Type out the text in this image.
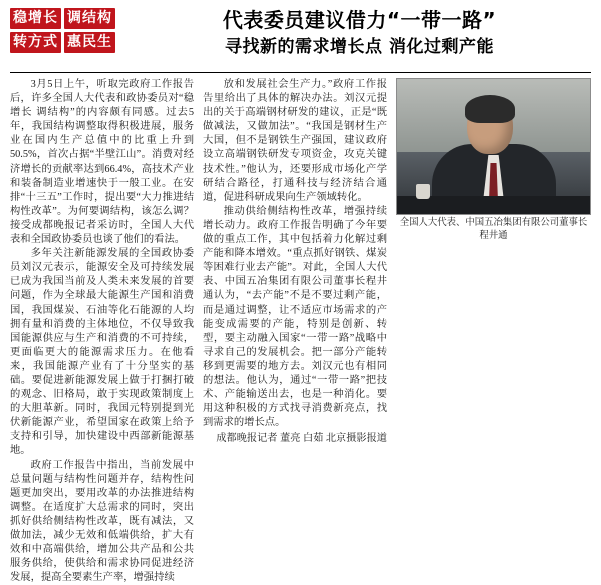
稳增长 调结构
转方式 惠民生
代表委员建议借力“一带一路”
寻找新的需求增长点 消化过剩产能

3月5日上午，听取完政府工作报告后，许多全国人大代表和政协委员对“稳增长 调结构”的内容颇有同感。过去5年，我国结构调整取得积极进展，服务业在国内生产总值中的比重上升到50.5%，首次占据“半壁江山”。消费对经济增长的贡献率达到66.4%，高技术产业和装备制造业增速快于一般工业。在安排“十三五”工作时，提出要“大力推进结构性改革”。为何要调结构，该怎么调？接受成都晚报记者采访时，全国人大代表和全国政协委员也谈了他们的看法。

多年关注新能源发展的全国政协委员刘汉元表示，能源安全及可持续发展已成为我国当前及人类未来发展的首要问题，作为全球最大能源生产国和消费国，我国煤炭、石油等化石能源的人均拥有量和消费的主体地位，不仅导致我国能源供应与生产和消费的不可持续，更面临更大的能源需求压力。在他看来，我国能源产业有了十分坚实的基础。要促进新能源发展上做于打捆打破的观念、旧格局，敢于实现政策制度上的大胆革新。同时，我国元特别提到光伏新能源产业，希望国家在政策上给予支持和引导，加快建设中西部新能源基地。

政府工作报告中指出，当前发展中总量问题与结构性问题并存，结构性问题更加突出，要用改革的办法推进结构调整。在适度扩大总需求的同时，突出抓好供给侧结构性改革，既有减法，又做加法，减少无效和低端供给，扩大有效和中高端供给，增加公共产品和公共服务供给，使供给和需求协同促进经济发展，提高全要素生产率，增强持续

放和发展社会生产力。”政府工作报告里给出了具体的解决办法。刘汉元提出的关于高端钢材研发的建议，正是“既做减法，又做加法”。“我国是钢材生产大国，但不是钢铁生产强国，建议政府设立高端钢铁研发专项资金，攻克关键技术性。”他认为，还要形成市场化产学研结合路径，打通科技与经济结合通道，促进科研成果向生产领域转化。

推动供给侧结构性改革，增强持续增长动力。政府工作报告明确了今年要做的重点工作，其中包括着力化解过剩产能和降本增效。“重点抓好钢铁、煤炭等困难行业去产能”。对此，全国人大代表、中国五冶集团有限公司董事长程井通认为，“去产能”不是不要过剩产能，而是通过调整，让不适应市场需求的产能变成需要的产能，特别是创新、转型，要主动融入国家“一带一路”战略中寻求自己的发展机会。把一部分产能转移到更需要的地方去。刘汉元也有相同的想法。他认为，通过“一带一路”把技术、产能输送出去，也是一种消化。要用这种积极的方式找寻消费新亮点，找到需求的增长点。

成都晚报记者 董亮 白茹 北京摄影报道
全国人大代表、中国五冶集团有限公司董事长程井通
